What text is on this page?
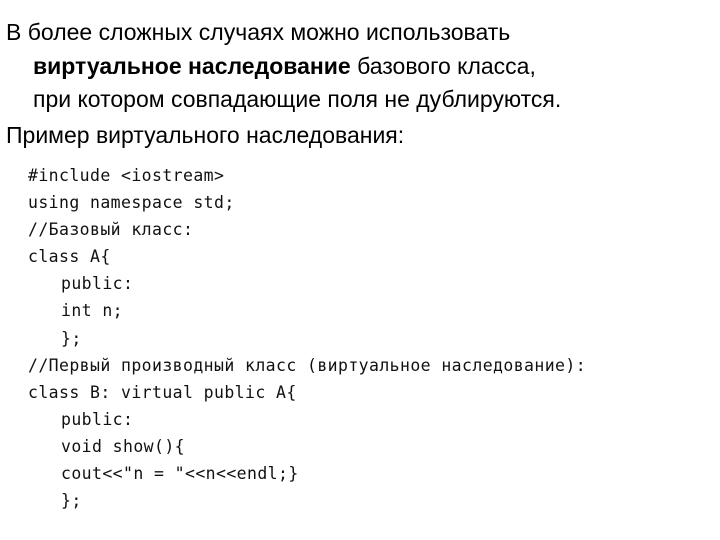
В более сложных случаях можно использовать
виртуальное наследование базового класса,
при котором совпадающие поля не дублируются.
Пример виртуального наследования:
#include <iostream>
using namespace std;
//Базовый класс:
class A{
public:
int n;
};
//Первый производный класс (виртуальное наследование):
class B: virtual public A{
public:
void show(){
cout<<"n = "<<n<<endl;}
};
